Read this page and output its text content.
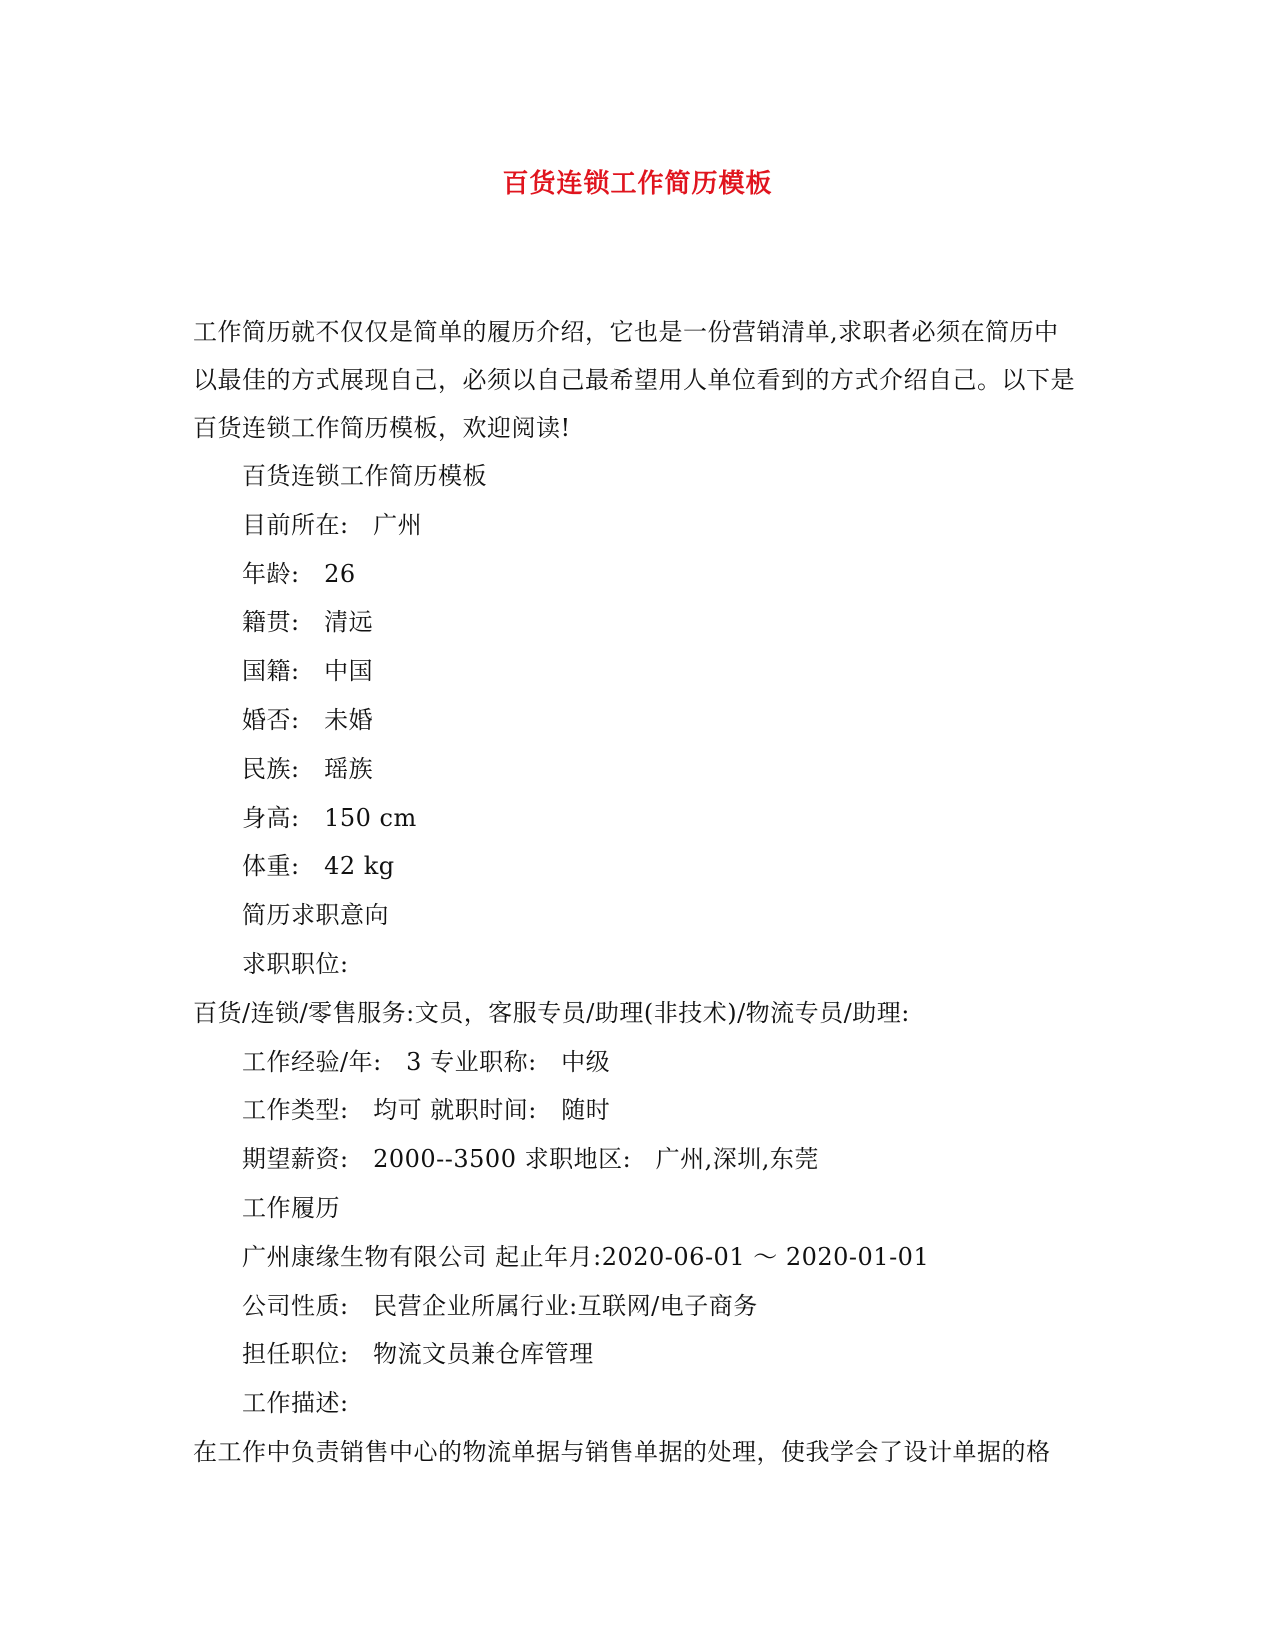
百货连锁工作简历模板

工作简历就不仅仅是简单的履历介绍，它也是一份营销清单,求职者必须在简历中以最佳的方式展现自己，必须以自己最希望用人单位看到的方式介绍自己。以下是百货连锁工作简历模板，欢迎阅读!

百货连锁工作简历模板
目前所在:　广州
年龄:　26
籍贯:　清远
国籍:　中国
婚否:　未婚
民族:　瑶族
身高:　150 cm
体重:　42 kg
简历求职意向
求职职位:
百货/连锁/零售服务:文员，客服专员/助理(非技术)/物流专员/助理:
工作经验/年:　3 专业职称:　中级
工作类型:　均可 就职时间:　随时
期望薪资:　2000--3500 求职地区:　广州,深圳,东莞
工作履历
广州康缘生物有限公司 起止年月:2020-06-01 ～ 2020-01-01
公司性质:　民营企业所属行业:互联网/电子商务
担任职位:　物流文员兼仓库管理
工作描述:
在工作中负责销售中心的物流单据与销售单据的处理，使我学会了设计单据的格
